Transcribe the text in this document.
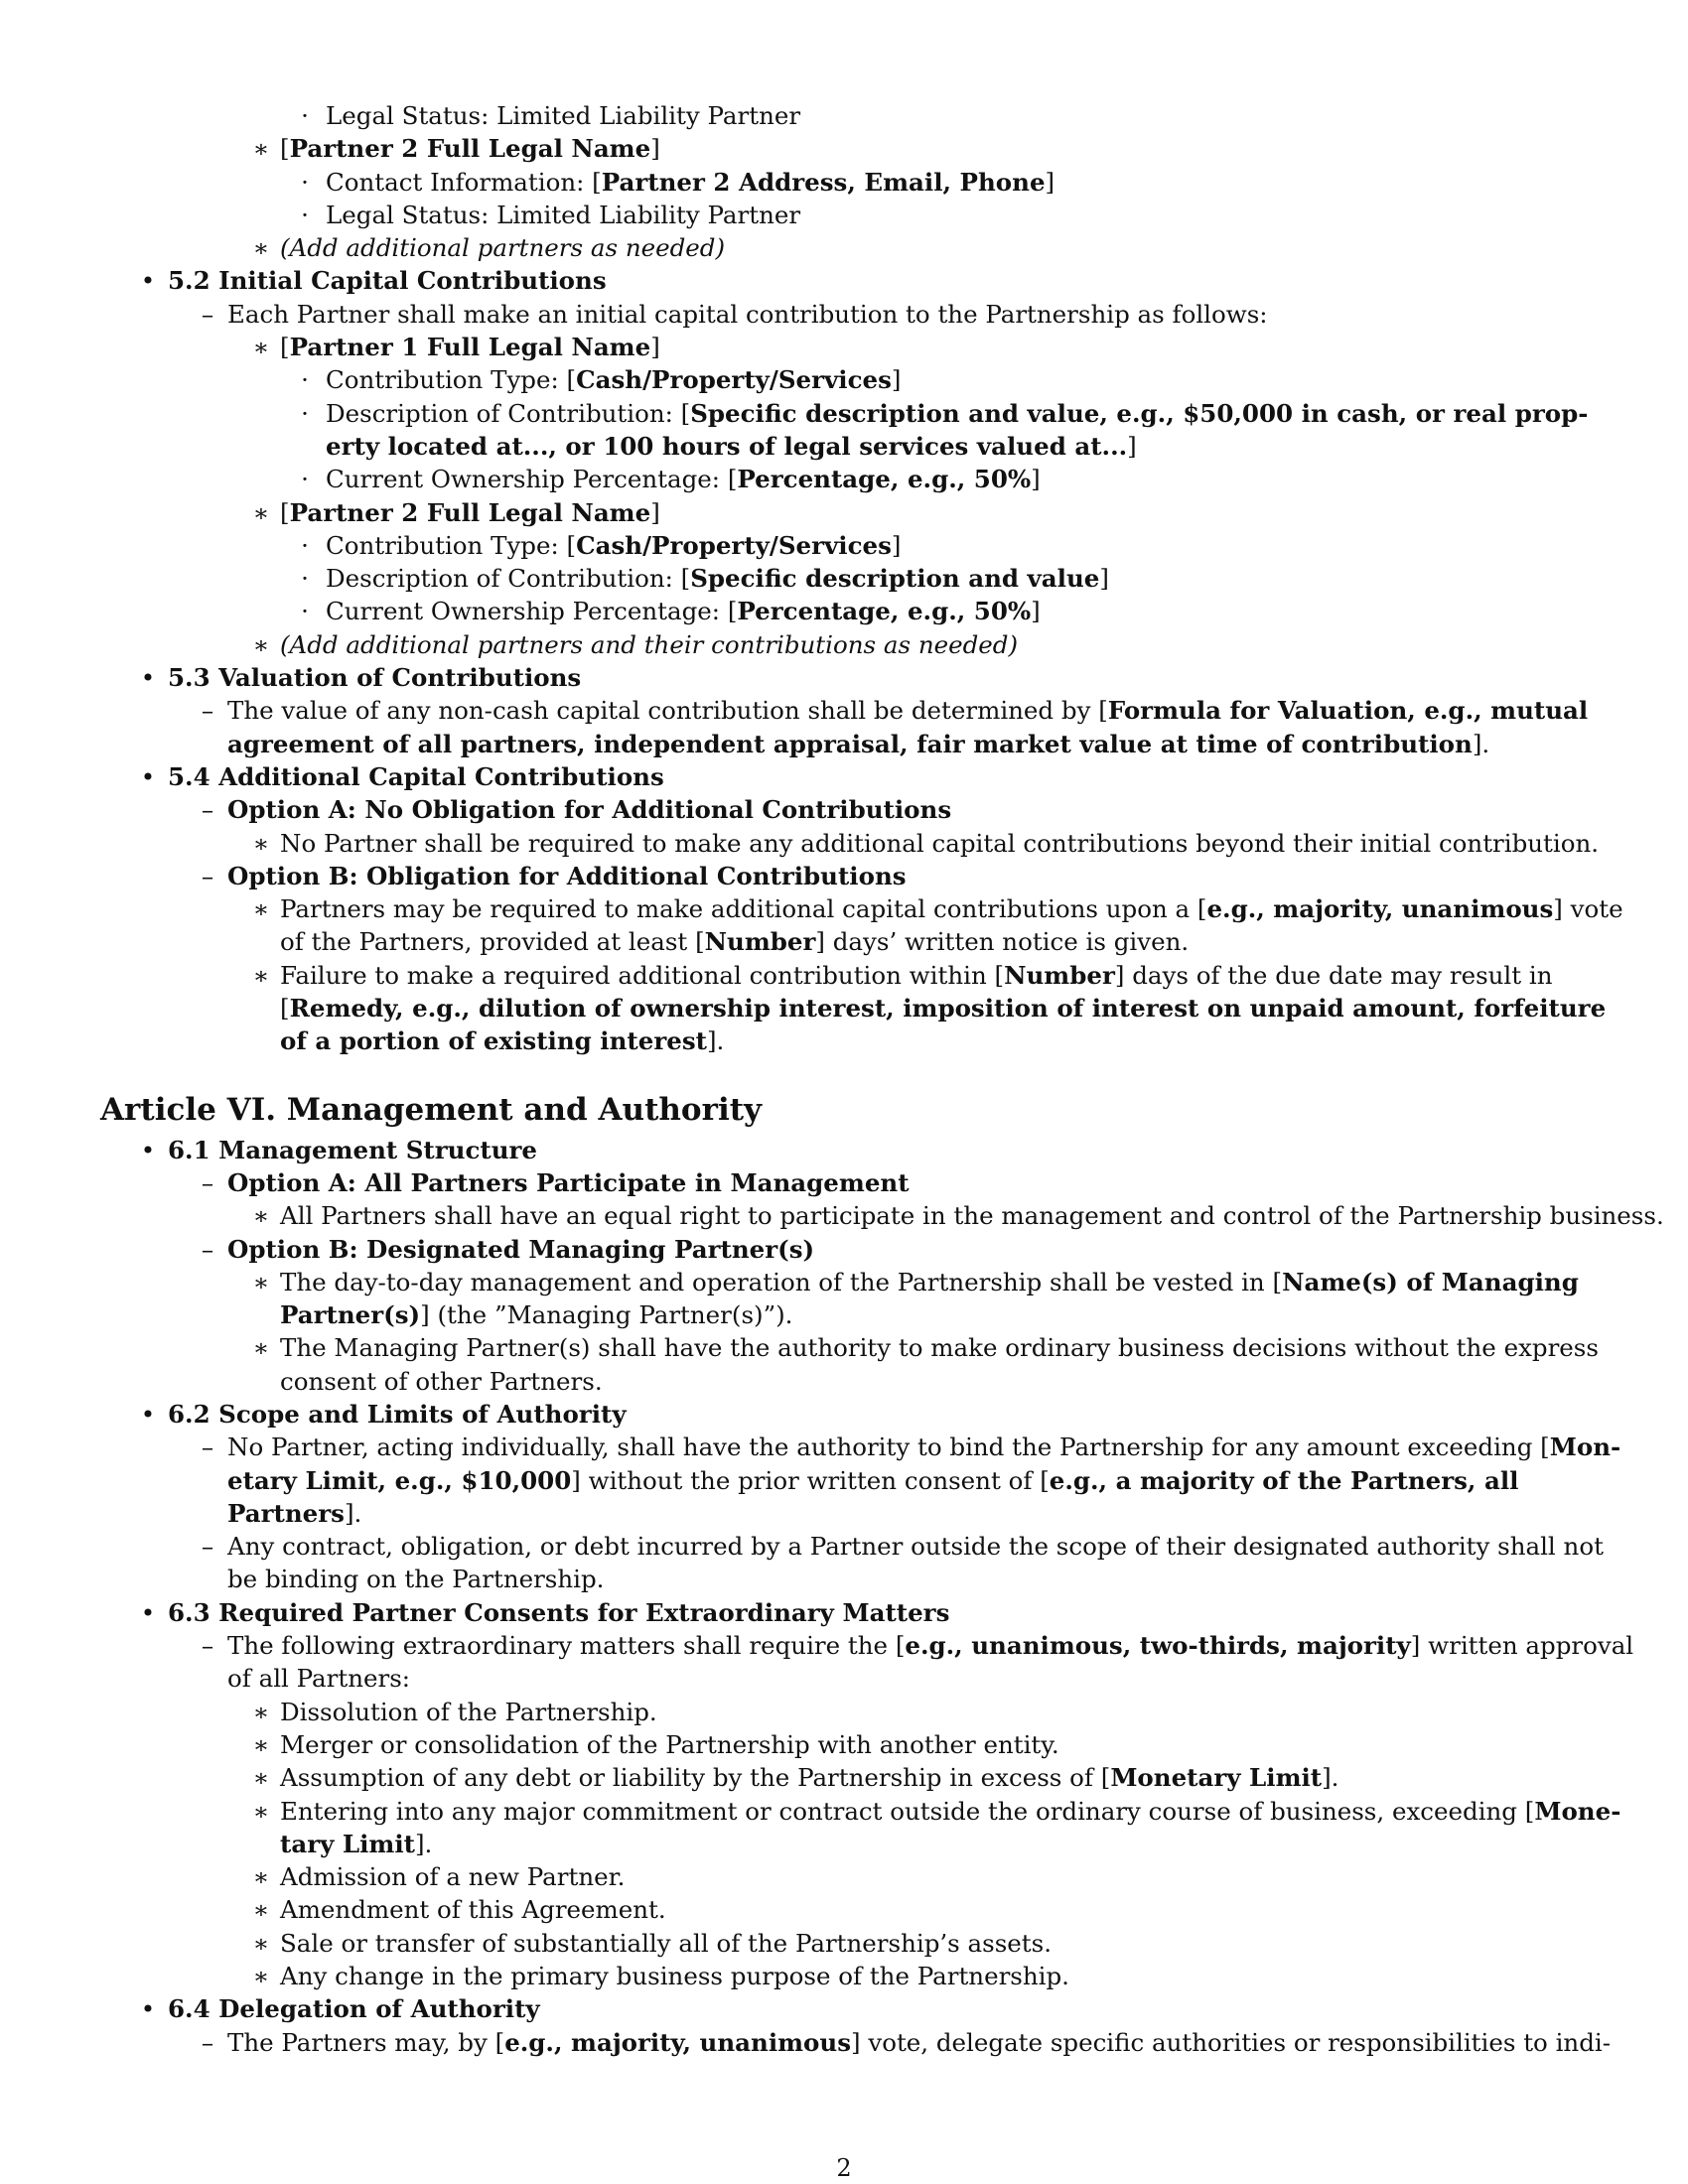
· Legal Status: Limited Liability Partner
∗ [Partner 2 Full Legal Name]
· Contact Information: [Partner 2 Address, Email, Phone]
· Legal Status: Limited Liability Partner
∗ (Add additional partners as needed)
• 5.2 Initial Capital Contributions
– Each Partner shall make an initial capital contribution to the Partnership as follows:
∗ [Partner 1 Full Legal Name]
· Contribution Type: [Cash/Property/Services]
· Description of Contribution: [Specific description and value, e.g., $50,000 in cash, or real prop-
erty located at..., or 100 hours of legal services valued at...]
· Current Ownership Percentage: [Percentage, e.g., 50%]
∗ [Partner 2 Full Legal Name]
· Contribution Type: [Cash/Property/Services]
· Description of Contribution: [Specific description and value]
· Current Ownership Percentage: [Percentage, e.g., 50%]
∗ (Add additional partners and their contributions as needed)
• 5.3 Valuation of Contributions
– The value of any non-cash capital contribution shall be determined by [Formula for Valuation, e.g., mutual
agreement of all partners, independent appraisal, fair market value at time of contribution].
• 5.4 Additional Capital Contributions
– Option A: No Obligation for Additional Contributions
∗ No Partner shall be required to make any additional capital contributions beyond their initial contribution.
– Option B: Obligation for Additional Contributions
∗ Partners may be required to make additional capital contributions upon a [e.g., majority, unanimous] vote
of the Partners, provided at least [Number] days’ written notice is given.
∗ Failure to make a required additional contribution within [Number] days of the due date may result in
[Remedy, e.g., dilution of ownership interest, imposition of interest on unpaid amount, forfeiture
of a portion of existing interest].
Article VI. Management and Authority
• 6.1 Management Structure
– Option A: All Partners Participate in Management
∗ All Partners shall have an equal right to participate in the management and control of the Partnership business.
– Option B: Designated Managing Partner(s)
∗ The day-to-day management and operation of the Partnership shall be vested in [Name(s) of Managing
Partner(s)] (the ”Managing Partner(s)”).
∗ The Managing Partner(s) shall have the authority to make ordinary business decisions without the express
consent of other Partners.
• 6.2 Scope and Limits of Authority
– No Partner, acting individually, shall have the authority to bind the Partnership for any amount exceeding [Mon-
etary Limit, e.g., $10,000] without the prior written consent of [e.g., a majority of the Partners, all
Partners].
– Any contract, obligation, or debt incurred by a Partner outside the scope of their designated authority shall not
be binding on the Partnership.
• 6.3 Required Partner Consents for Extraordinary Matters
– The following extraordinary matters shall require the [e.g., unanimous, two-thirds, majority] written approval
of all Partners:
∗ Dissolution of the Partnership.
∗ Merger or consolidation of the Partnership with another entity.
∗ Assumption of any debt or liability by the Partnership in excess of [Monetary Limit].
∗ Entering into any major commitment or contract outside the ordinary course of business, exceeding [Mone-
tary Limit].
∗ Admission of a new Partner.
∗ Amendment of this Agreement.
∗ Sale or transfer of substantially all of the Partnership’s assets.
∗ Any change in the primary business purpose of the Partnership.
• 6.4 Delegation of Authority
– The Partners may, by [e.g., majority, unanimous] vote, delegate specific authorities or responsibilities to indi-
2
